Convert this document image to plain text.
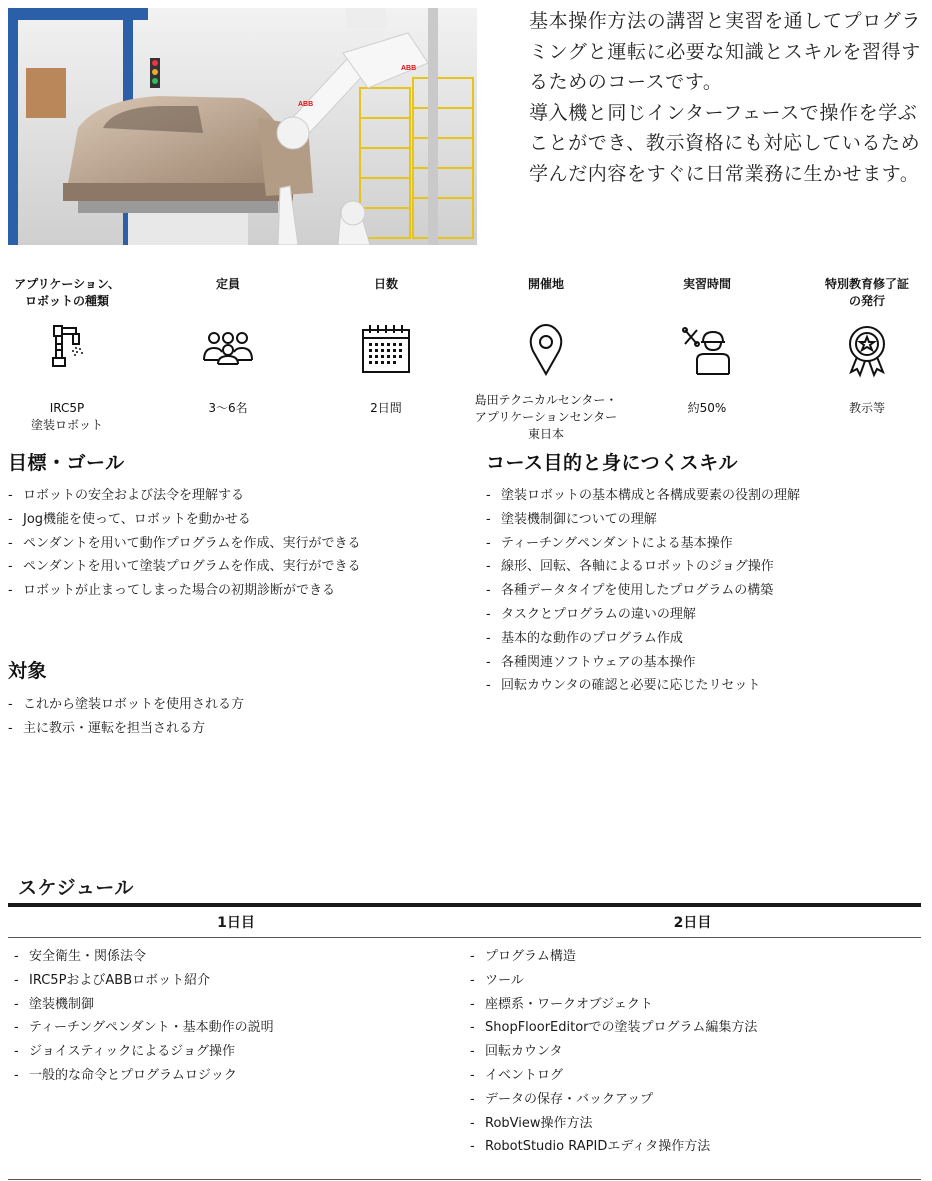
ABB
ABB

基本操作方法の講習と実習を通してプログラミングと運転に必要な知識とスキルを習得するためのコースです。

導入機と同じインターフェースで操作を学ぶことができ、教示資格にも対応しているため学んだ内容をすぐに日常業務に生かせます。

アプリケーション、
ロボットの種類
IRC5P
塗装ロボット
定員
3～6名
日数
2日間
開催地
島田テクニカルセンター・
アプリケーションセンター東日本
実習時間
約50%
特別教育修了証
の発行
教示等
目標・ゴール
- ロボットの安全および法令を理解する
- Jog機能を使って、ロボットを動かせる
- ペンダントを用いて動作プログラムを作成、実行ができる
- ペンダントを用いて塗装プログラムを作成、実行ができる
- ロボットが止まってしまった場合の初期診断ができる
対象
- これから塗装ロボットを使用される方
- 主に教示・運転を担当される方
コース目的と身につくスキル
- 塗装ロボットの基本構成と各構成要素の役割の理解
- 塗装機制御についての理解
- ティーチングペンダントによる基本操作
- 線形、回転、各軸によるロボットのジョグ操作
- 各種データタイプを使用したプログラムの構築
- タスクとプログラムの違いの理解
- 基本的な動作のプログラム作成
- 各種関連ソフトウェアの基本操作
- 回転カウンタの確認と必要に応じたリセット
スケジュール
1日目	2日目
- 安全衛生・関係法令
- IRC5PおよびABBロボット紹介
- 塗装機制御
- ティーチングペンダント・基本動作の説明
- ジョイスティックによるジョグ操作
- 一般的な命令とプログラムロジック
- プログラム構造
- ツール
- 座標系・ワークオブジェクト
- ShopFloorEditorでの塗装プログラム編集方法
- 回転カウンタ
- イベントログ
- データの保存・バックアップ
- RobView操作方法
- RobotStudio RAPIDエディタ操作方法
